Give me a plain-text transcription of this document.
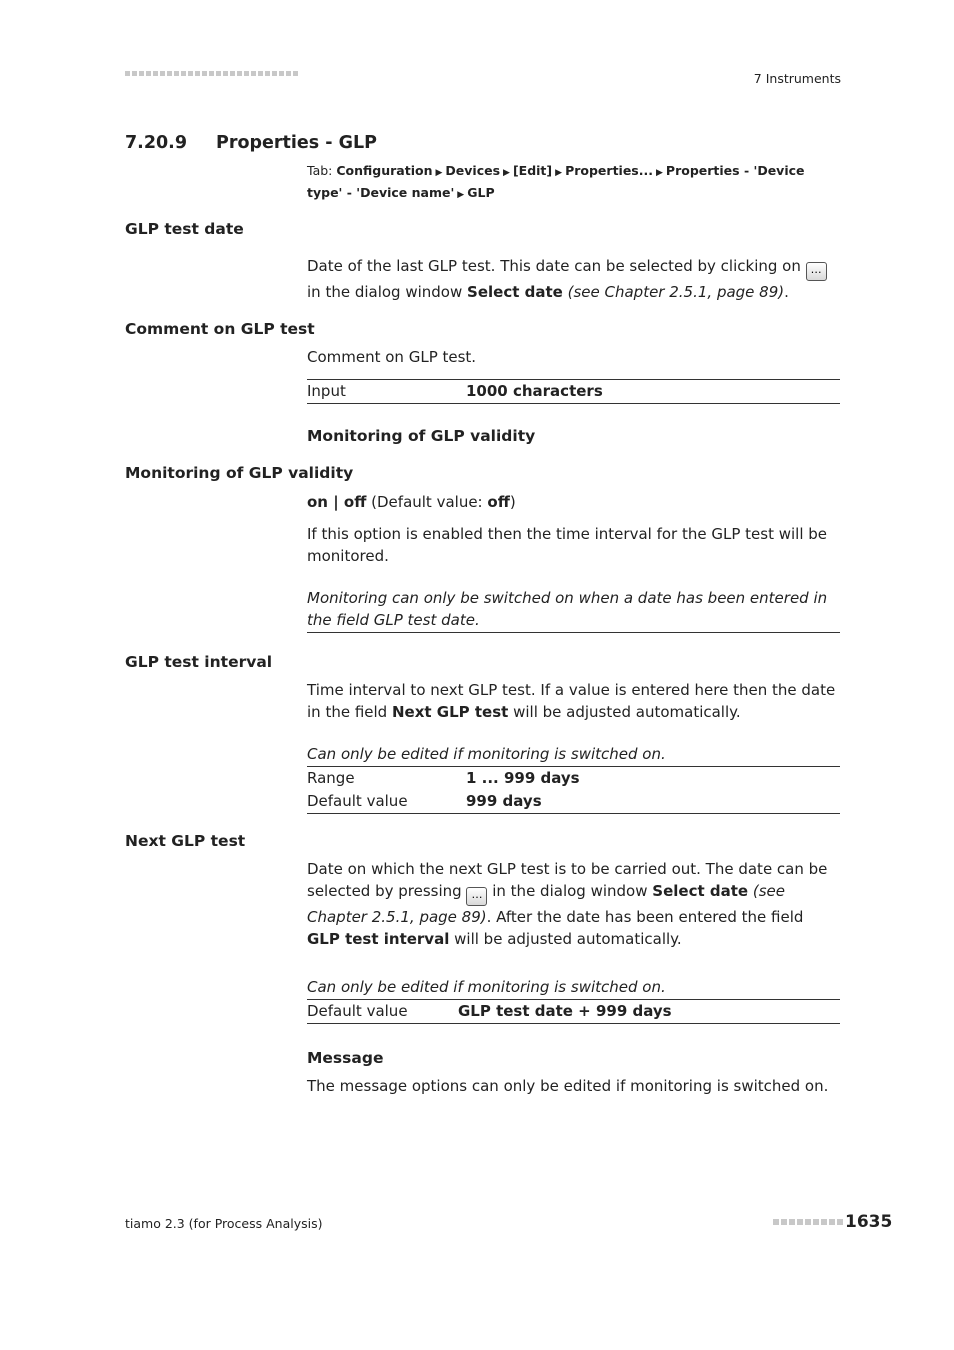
7 Instruments
7.20.9 Properties - GLP
Tab: Configuration ▶ Devices ▶ [Edit] ▶ Properties... ▶ Properties - 'Device type' - 'Device name' ▶ GLP
GLP test date
Date of the last GLP test. This date can be selected by clicking on … in the dialog window Select date (see Chapter 2.5.1, page 89).
Comment on GLP test
Comment on GLP test.
Input	1000 characters
Monitoring of GLP validity
Monitoring of GLP validity
on | off (Default value: off)
If this option is enabled then the time interval for the GLP test will be monitored.
Monitoring can only be switched on when a date has been entered in the field GLP test date.
GLP test interval
Time interval to next GLP test. If a value is entered here then the date in the field Next GLP test will be adjusted automatically.
Can only be edited if monitoring is switched on.
Range	1 ... 999 days
Default value	999 days
Next GLP test
Date on which the next GLP test is to be carried out. The date can be selected by pressing … in the dialog window Select date (see Chapter 2.5.1, page 89). After the date has been entered the field GLP test interval will be adjusted automatically.
Can only be edited if monitoring is switched on.
Default value	GLP test date + 999 days
Message
The message options can only be edited if monitoring is switched on.
tiamo 2.3 (for Process Analysis)	1635
